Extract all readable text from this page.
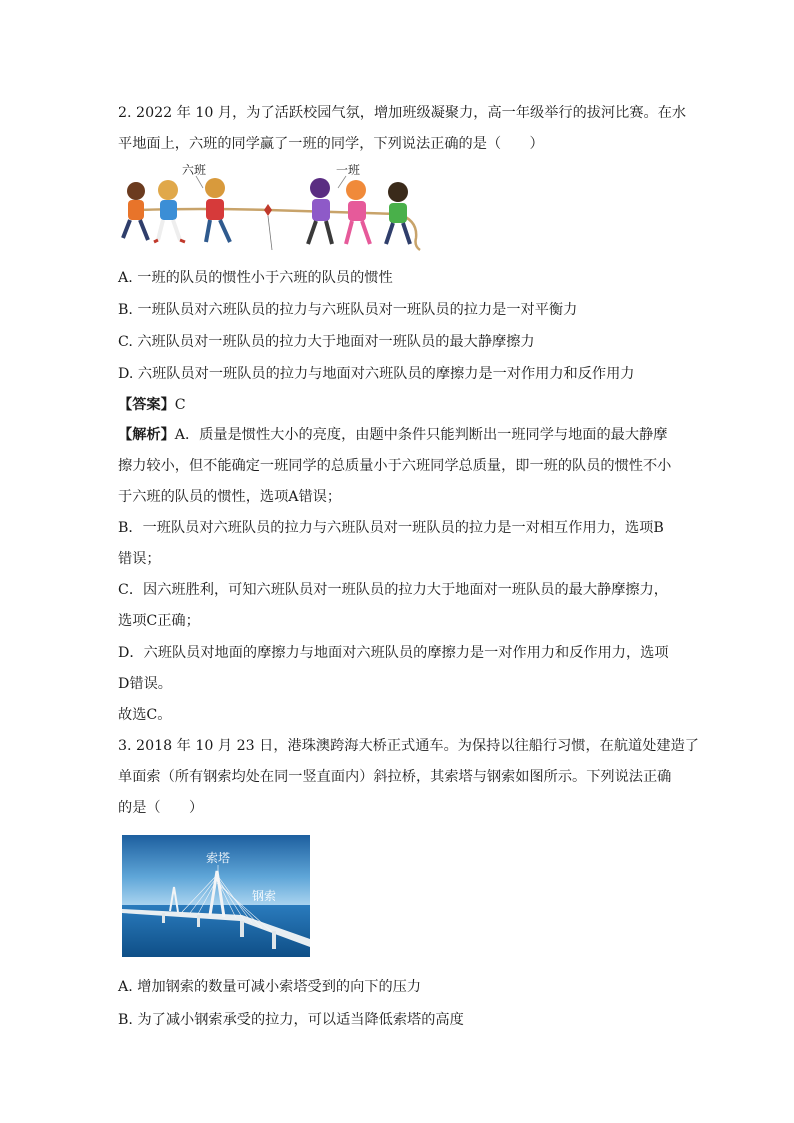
2. 2022 年 10 月，为了活跃校园气氛，增加班级凝聚力，高一年级举行的拔河比赛。在水
平地面上，六班的同学赢了一班的同学，下列说法正确的是（　　）
六班	一班
A. 一班的队员的惯性小于六班的队员的惯性
B. 一班队员对六班队员的拉力与六班队员对一班队员的拉力是一对平衡力
C. 六班队员对一班队员的拉力大于地面对一班队员的最大静摩擦力
D. 六班队员对一班队员的拉力与地面对六班队员的摩擦力是一对作用力和反作用力
【答案】C
【解析】A．质量是惯性大小的亮度，由题中条件只能判断出一班同学与地面的最大静摩
擦力较小，但不能确定一班同学的总质量小于六班同学总质量，即一班的队员的惯性不小
于六班的队员的惯性，选项A错误；
B．一班队员对六班队员的拉力与六班队员对一班队员的拉力是一对相互作用力，选项B
错误；
C．因六班胜利，可知六班队员对一班队员的拉力大于地面对一班队员的最大静摩擦力，
选项C正确；
D．六班队员对地面的摩擦力与地面对六班队员的摩擦力是一对作用力和反作用力，选项
D错误。
故选C。
3. 2018 年 10 月 23 日，港珠澳跨海大桥正式通车。为保持以往船行习惯，在航道处建造了
单面索（所有钢索均处在同一竖直面内）斜拉桥，其索塔与钢索如图所示。下列说法正确
的是（　　）
索塔
钢索
A. 增加钢索的数量可减小索塔受到的向下的压力
B. 为了减小钢索承受的拉力，可以适当降低索塔的高度
